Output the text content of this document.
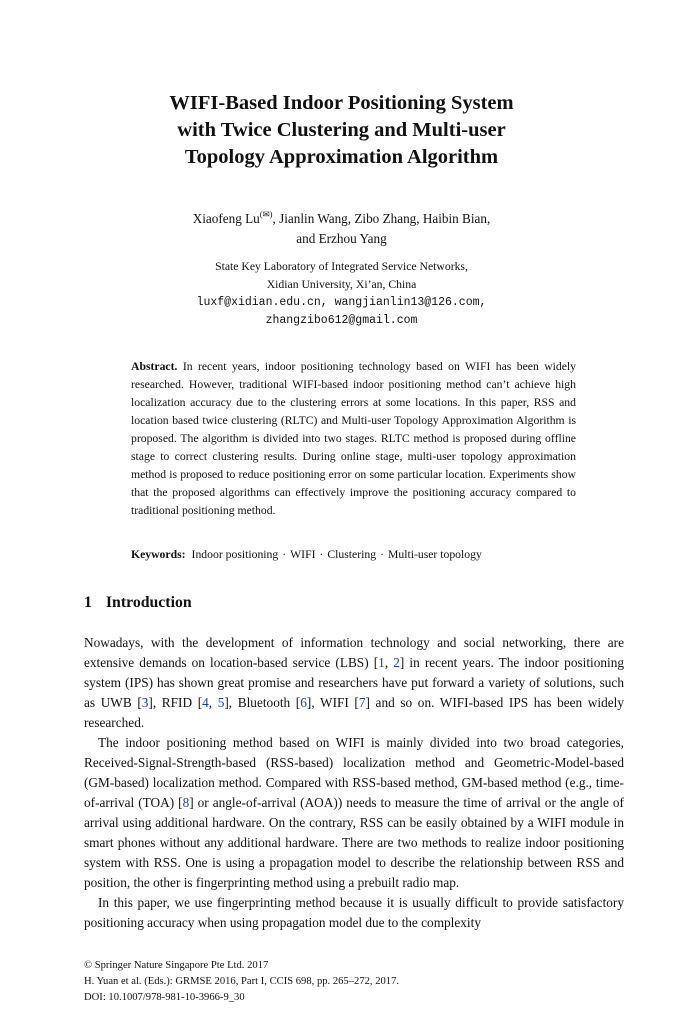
WIFI-Based Indoor Positioning System
with Twice Clustering and Multi-user
Topology Approximation Algorithm
Xiaofeng Lu(✉), Jianlin Wang, Zibo Zhang, Haibin Bian,
and Erzhou Yang
State Key Laboratory of Integrated Service Networks,
Xidian University, Xi’an, China
luxf@xidian.edu.cn, wangjianlin13@126.com,
zhangzibo612@gmail.com
Abstract. In recent years, indoor positioning technology based on WIFI has been widely researched. However, traditional WIFI-based indoor positioning method can’t achieve high localization accuracy due to the clustering errors at some locations. In this paper, RSS and location based twice clustering (RLTC) and Multi-user Topology Approximation Algorithm is proposed. The algorithm is divided into two stages. RLTC method is proposed during offline stage to correct clustering results. During online stage, multi-user topology approximation method is proposed to reduce positioning error on some particular location. Experiments show that the proposed algorithms can effectively improve the positioning accuracy compared to traditional positioning method.
Keywords: Indoor positioning · WIFI · Clustering · Multi-user topology
1 Introduction

Nowadays, with the development of information technology and social networking, there are extensive demands on location-based service (LBS) [1, 2] in recent years. The indoor positioning system (IPS) has shown great promise and researchers have put forward a variety of solutions, such as UWB [3], RFID [4, 5], Bluetooth [6], WIFI [7] and so on. WIFI-based IPS has been widely researched.

The indoor positioning method based on WIFI is mainly divided into two broad categories, Received-Signal-Strength-based (RSS-based) localization method and Geometric-Model-based (GM-based) localization method. Compared with RSS-based method, GM-based method (e.g., time-of-arrival (TOA) [8] or angle-of-arrival (AOA)) needs to measure the time of arrival or the angle of arrival using additional hardware. On the contrary, RSS can be easily obtained by a WIFI module in smart phones without any additional hardware. There are two methods to realize indoor positioning system with RSS. One is using a propagation model to describe the relationship between RSS and position, the other is fingerprinting method using a prebuilt radio map.

In this paper, we use fingerprinting method because it is usually difficult to provide satisfactory positioning accuracy when using propagation model due to the complexity

© Springer Nature Singapore Pte Ltd. 2017
H. Yuan et al. (Eds.): GRMSE 2016, Part I, CCIS 698, pp. 265–272, 2017.
DOI: 10.1007/978-981-10-3966-9_30
